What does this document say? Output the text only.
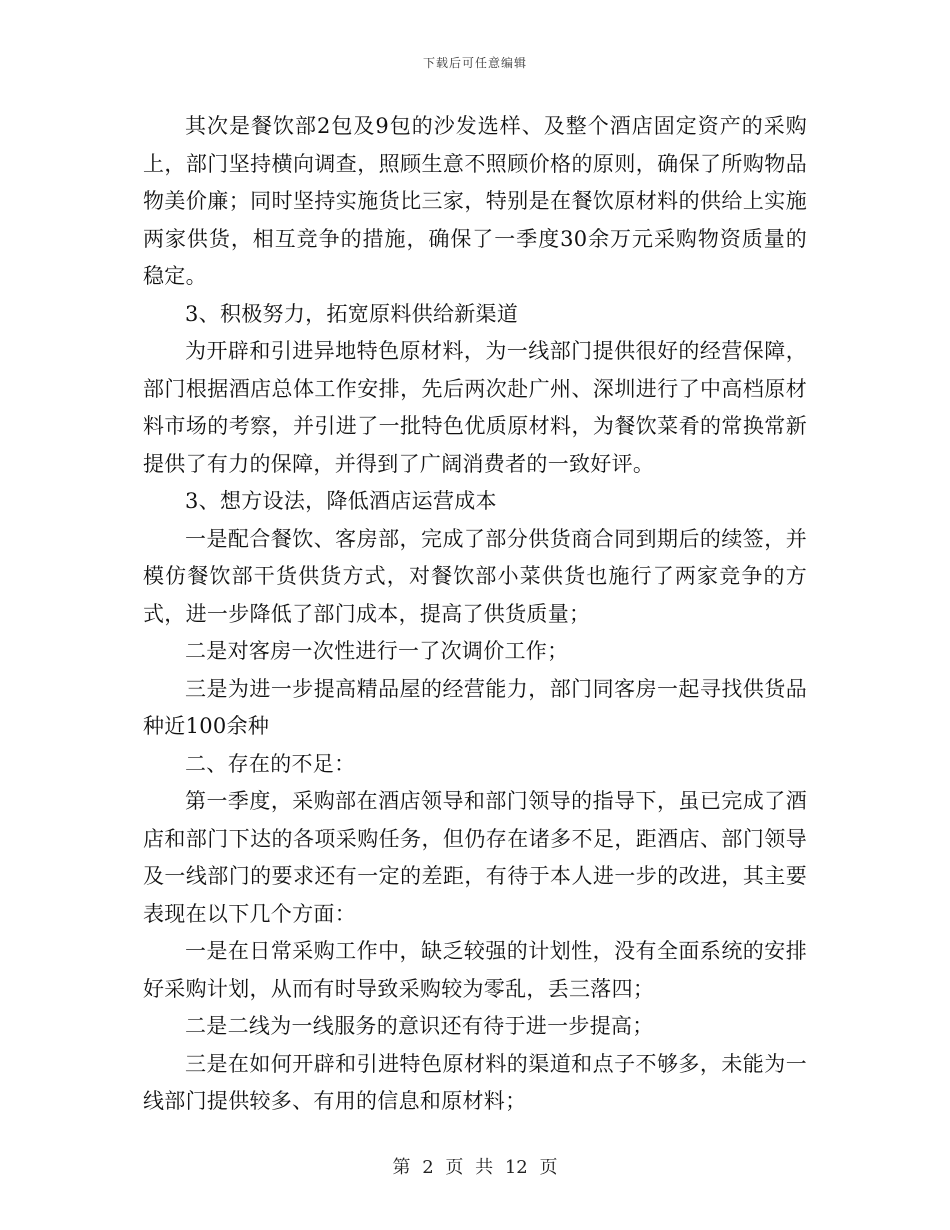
下载后可任意编辑

其次是餐饮部2包及9包的沙发选样、及整个酒店固定资产的采购上，部门坚持横向调查，照顾生意不照顾价格的原则，确保了所购物品物美价廉；同时坚持实施货比三家，特别是在餐饮原材料的供给上实施两家供货，相互竞争的措施，确保了一季度30余万元采购物资质量的稳定。

3、积极努力，拓宽原料供给新渠道

为开辟和引进异地特色原材料，为一线部门提供很好的经营保障，部门根据酒店总体工作安排，先后两次赴广州、深圳进行了中高档原材料市场的考察，并引进了一批特色优质原材料，为餐饮菜肴的常换常新提供了有力的保障，并得到了广阔消费者的一致好评。

3、想方设法，降低酒店运营成本

一是配合餐饮、客房部，完成了部分供货商合同到期后的续签，并模仿餐饮部干货供货方式，对餐饮部小菜供货也施行了两家竞争的方式，进一步降低了部门成本，提高了供货质量；

二是对客房一次性进行一了次调价工作；

三是为进一步提高精品屋的经营能力，部门同客房一起寻找供货品种近100余种

二、存在的不足：

第一季度，采购部在酒店领导和部门领导的指导下，虽已完成了酒店和部门下达的各项采购任务，但仍存在诸多不足，距酒店、部门领导及一线部门的要求还有一定的差距，有待于本人进一步的改进，其主要表现在以下几个方面：

一是在日常采购工作中，缺乏较强的计划性，没有全面系统的安排好采购计划，从而有时导致采购较为零乱，丢三落四；

二是二线为一线服务的意识还有待于进一步提高；

三是在如何开辟和引进特色原材料的渠道和点子不够多，未能为一线部门提供较多、有用的信息和原材料；

第 2 页 共 12 页
